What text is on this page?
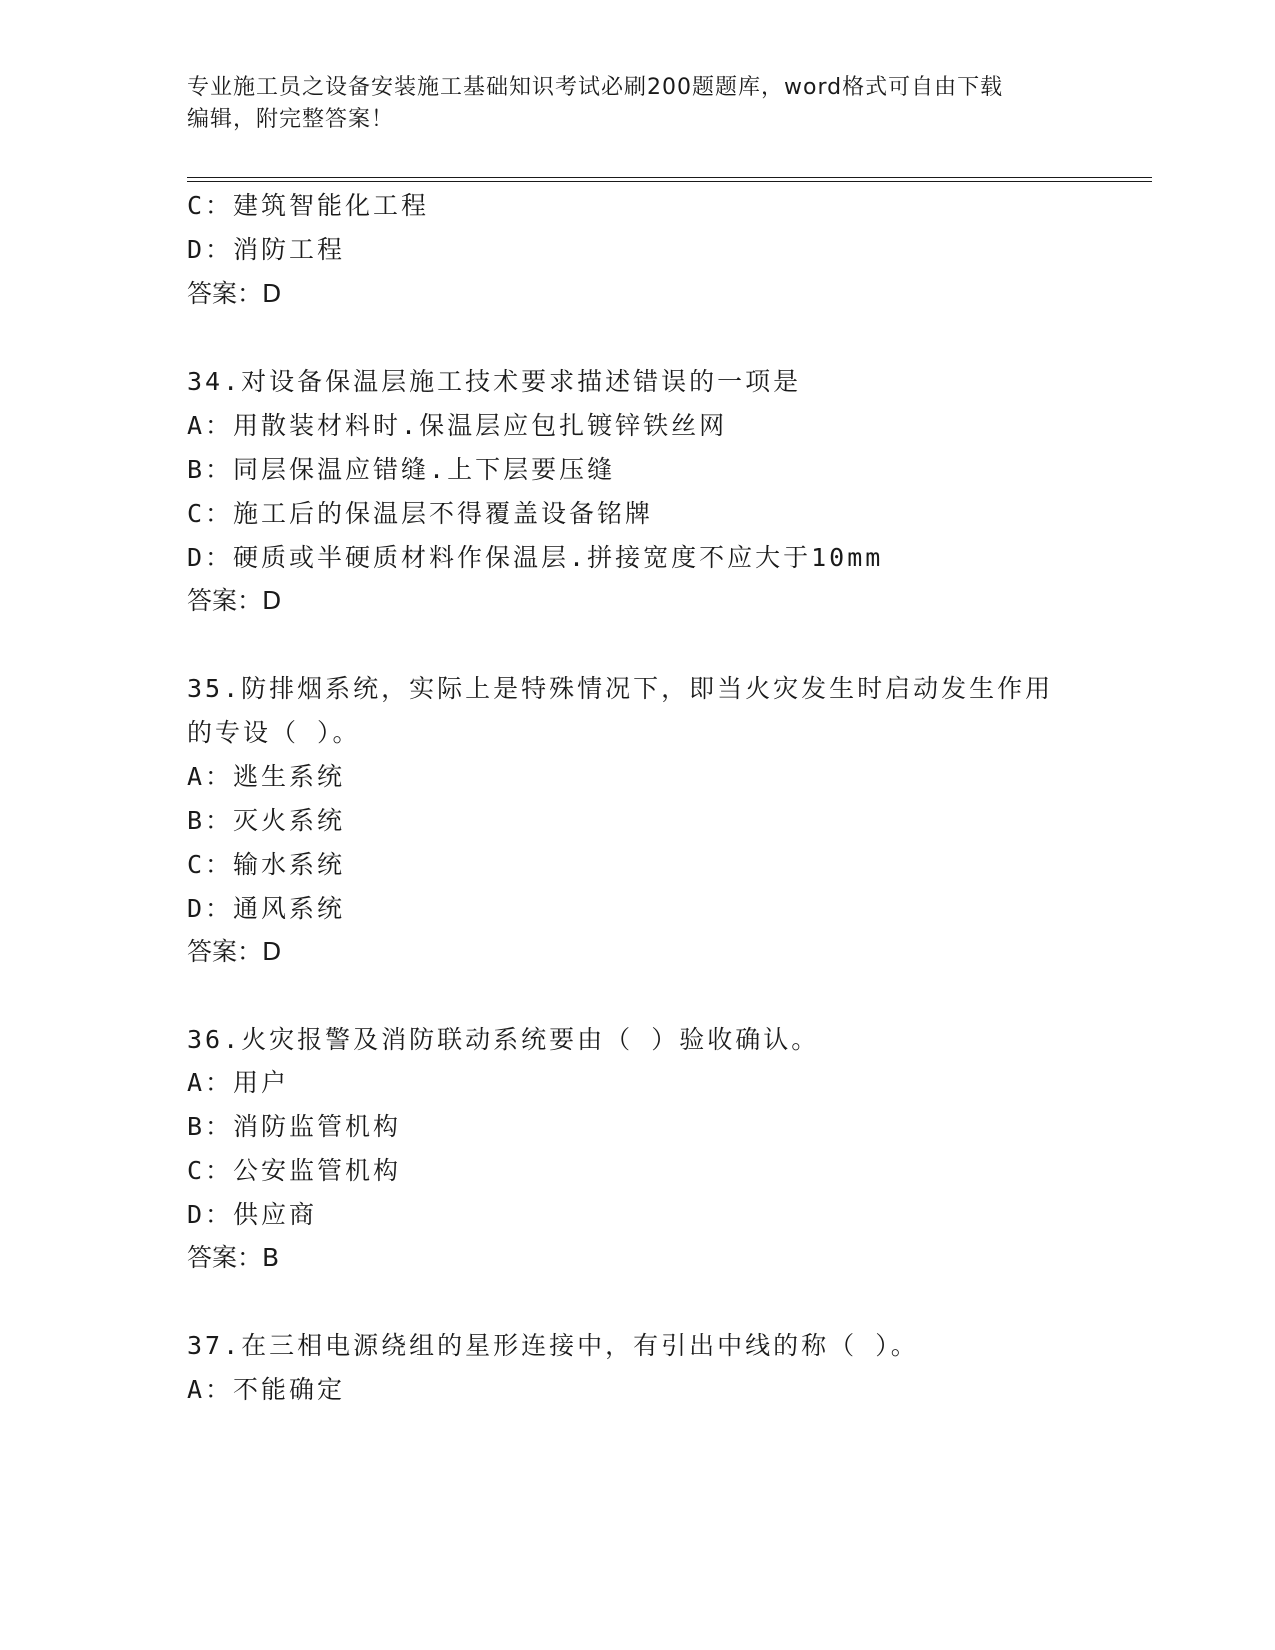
专业施工员之设备安装施工基础知识考试必刷200题题库，word格式可自由下载
编辑，附完整答案！
C：建筑智能化工程
D：消防工程
答案：D
34.对设备保温层施工技术要求描述错误的一项是
A：用散装材料时.保温层应包扎镀锌铁丝网
B：同层保温应错缝.上下层要压缝
C：施工后的保温层不得覆盖设备铭牌
D：硬质或半硬质材料作保温层.拼接宽度不应大于10mm
答案：D
35.防排烟系统，实际上是特殊情况下，即当火灾发生时启动发生作用
的专设（ ）。
A：逃生系统
B：灭火系统
C：输水系统
D：通风系统
答案：D
36.火灾报警及消防联动系统要由（ ）验收确认。
A：用户
B：消防监管机构
C：公安监管机构
D：供应商
答案：B
37.在三相电源绕组的星形连接中，有引出中线的称（ ）。
A：不能确定
